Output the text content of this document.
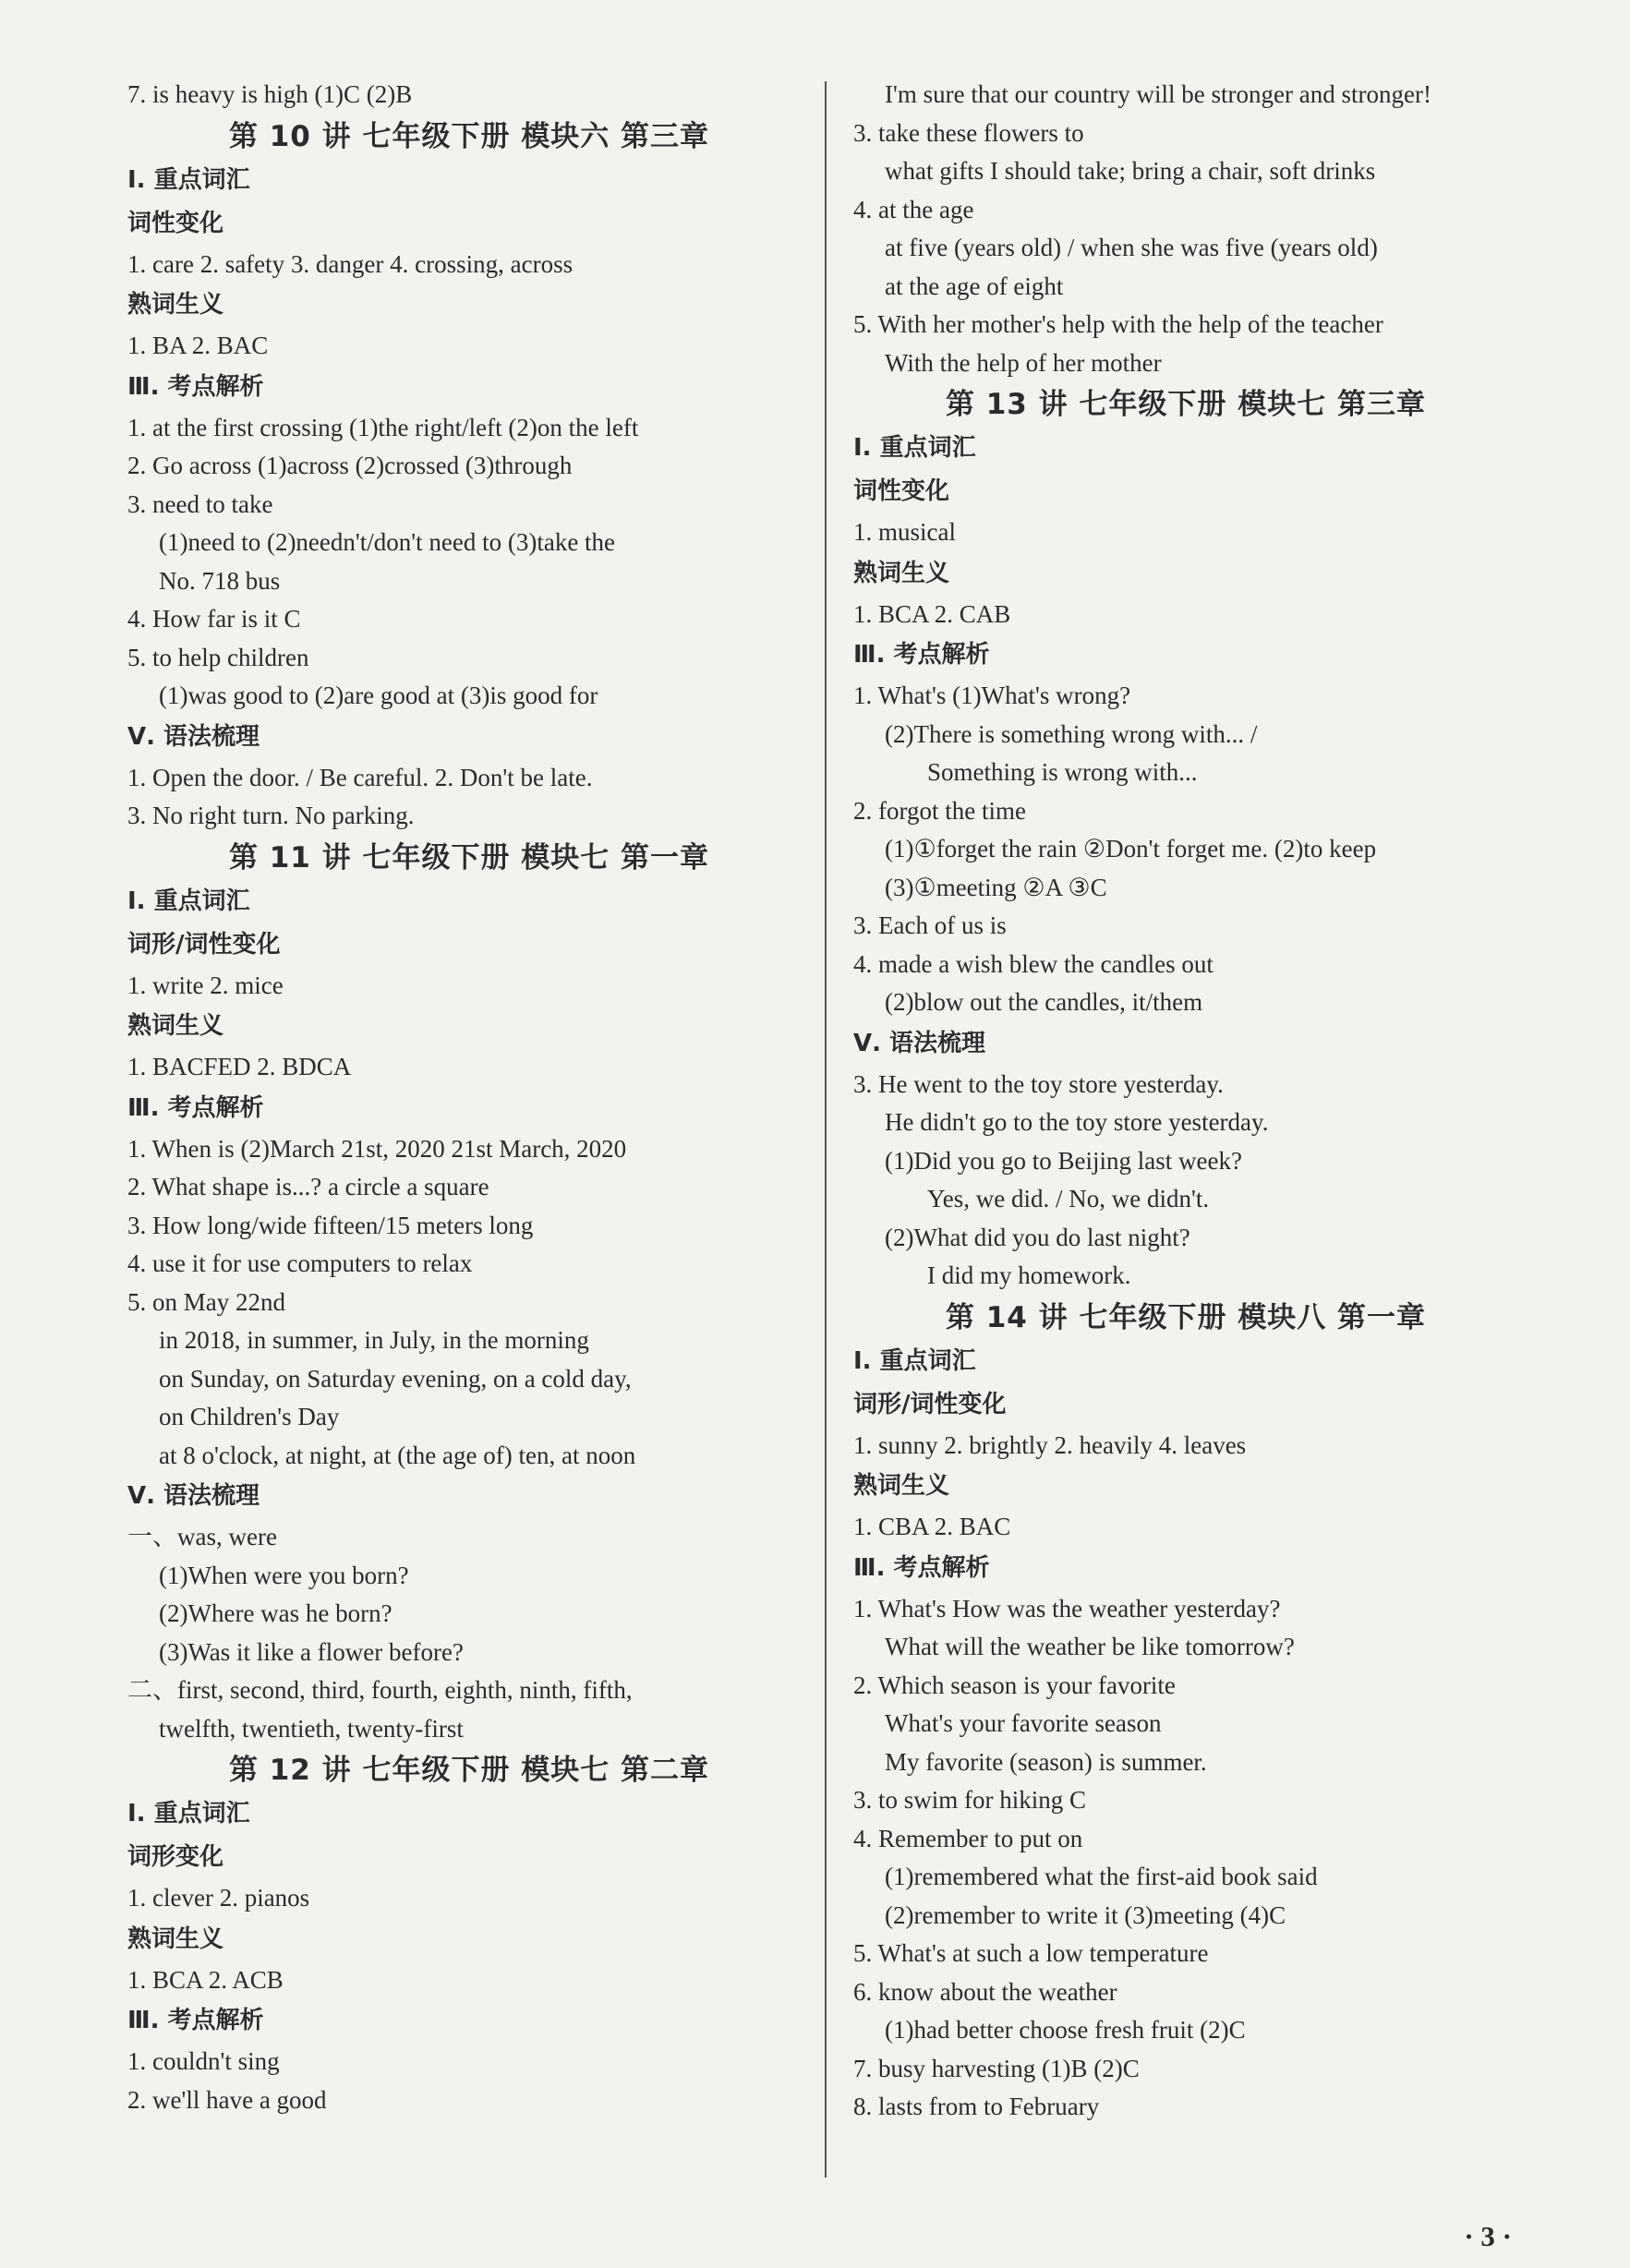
7. is heavy is high (1)C (2)B
第 10 讲 七年级下册 模块六 第三章
Ⅰ. 重点词汇
词性变化
1. care 2. safety 3. danger 4. crossing, across
熟词生义
1. BA 2. BAC
Ⅲ. 考点解析
1. at the first crossing (1)the right/left (2)on the left
2. Go across (1)across (2)crossed (3)through
3. need to take
(1)need to (2)needn't/don't need to (3)take the
No. 718 bus
4. How far is it C
5. to help children
(1)was good to (2)are good at (3)is good for
Ⅴ. 语法梳理
1. Open the door. / Be careful. 2. Don't be late.
3. No right turn. No parking.
第 11 讲 七年级下册 模块七 第一章
Ⅰ. 重点词汇
词形/词性变化
1. write 2. mice
熟词生义
1. BACFED 2. BDCA
Ⅲ. 考点解析
1. When is (2)March 21st, 2020 21st March, 2020
2. What shape is...? a circle a square
3. How long/wide fifteen/15 meters long
4. use it for use computers to relax
5. on May 22nd
in 2018, in summer, in July, in the morning
on Sunday, on Saturday evening, on a cold day,
on Children's Day
at 8 o'clock, at night, at (the age of) ten, at noon
Ⅴ. 语法梳理
一、was, were
(1)When were you born?
(2)Where was he born?
(3)Was it like a flower before?
二、first, second, third, fourth, eighth, ninth, fifth,
twelfth, twentieth, twenty-first
第 12 讲 七年级下册 模块七 第二章
Ⅰ. 重点词汇
词形变化
1. clever 2. pianos
熟词生义
1. BCA 2. ACB
Ⅲ. 考点解析
1. couldn't sing
2. we'll have a good
I'm sure that our country will be stronger and stronger!
3. take these flowers to
what gifts I should take; bring a chair, soft drinks
4. at the age
at five (years old) / when she was five (years old)
at the age of eight
5. With her mother's help with the help of the teacher
With the help of her mother
第 13 讲 七年级下册 模块七 第三章
Ⅰ. 重点词汇
词性变化
1. musical
熟词生义
1. BCA 2. CAB
Ⅲ. 考点解析
1. What's (1)What's wrong?
(2)There is something wrong with... /
Something is wrong with...
2. forgot the time
(1)①forget the rain ②Don't forget me. (2)to keep
(3)①meeting ②A ③C
3. Each of us is
4. made a wish blew the candles out
(2)blow out the candles, it/them
Ⅴ. 语法梳理
3. He went to the toy store yesterday.
He didn't go to the toy store yesterday.
(1)Did you go to Beijing last week?
Yes, we did. / No, we didn't.
(2)What did you do last night?
I did my homework.
第 14 讲 七年级下册 模块八 第一章
Ⅰ. 重点词汇
词形/词性变化
1. sunny 2. brightly 2. heavily 4. leaves
熟词生义
1. CBA 2. BAC
Ⅲ. 考点解析
1. What's How was the weather yesterday?
What will the weather be like tomorrow?
2. Which season is your favorite
What's your favorite season
My favorite (season) is summer.
3. to swim for hiking C
4. Remember to put on
(1)remembered what the first-aid book said
(2)remember to write it (3)meeting (4)C
5. What's at such a low temperature
6. know about the weather
(1)had better choose fresh fruit (2)C
7. busy harvesting (1)B (2)C
8. lasts from to February
· 3 ·
